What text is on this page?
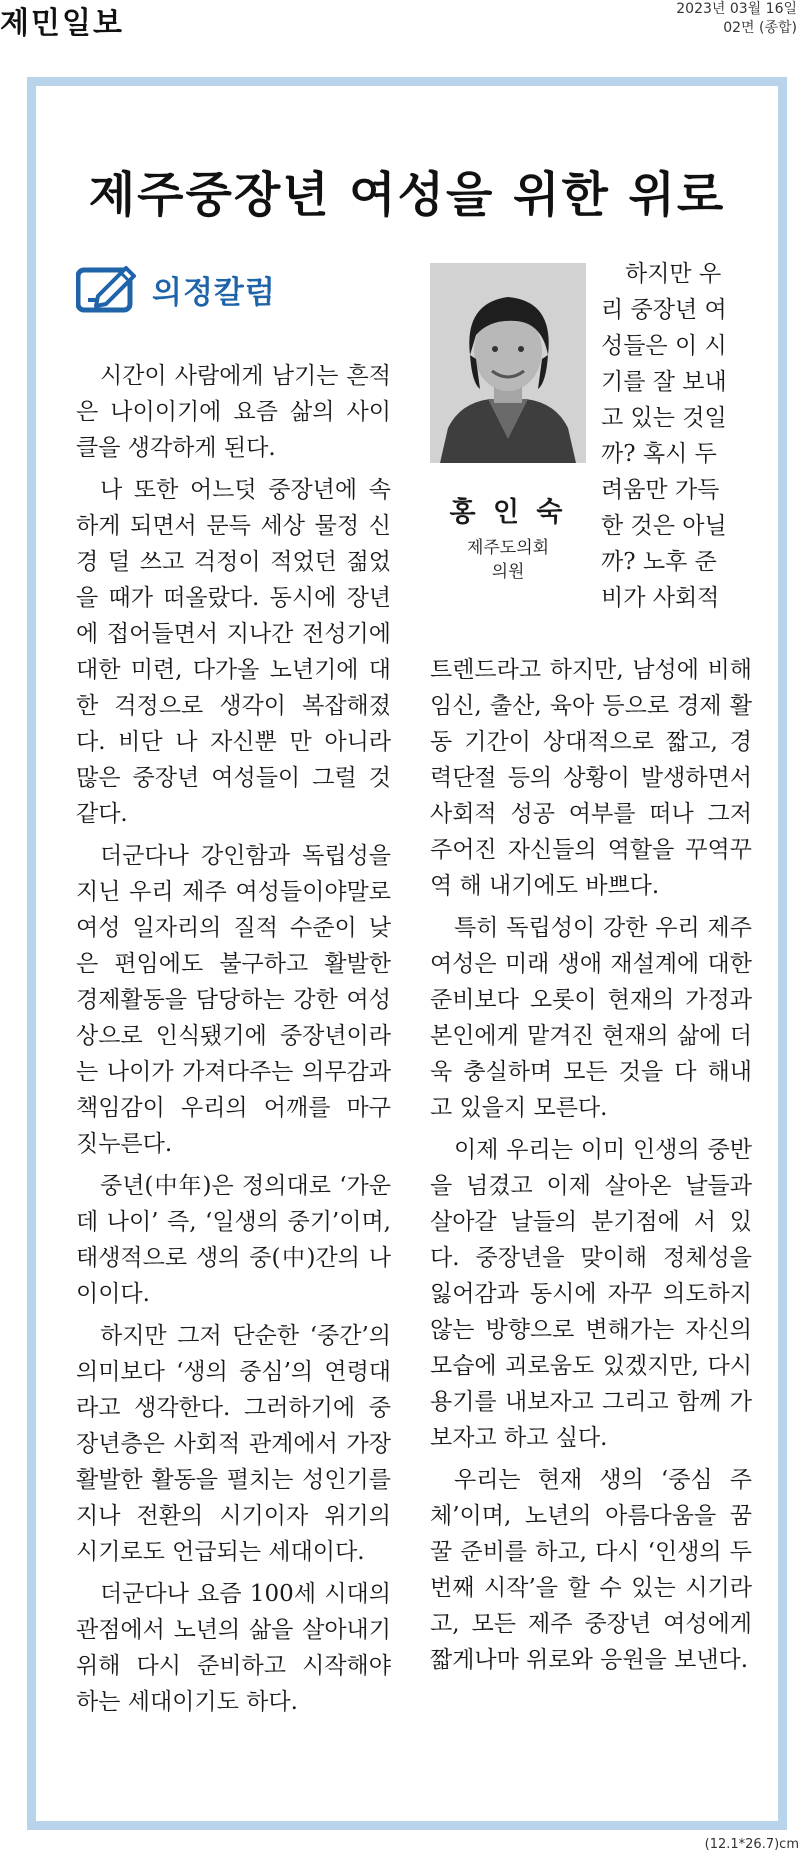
제민일보	2023년 03월 16일
02면 (종합)
제주중장년 여성을 위한 위로
의정칼럼
홍 인 숙
제주도의회
의원

시간이 사람에게 남기는 흔적은 나이이기에 요즘 삶의 사이클을 생각하게 된다.

나 또한 어느덧 중장년에 속하게 되면서 문득 세상 물정 신경 덜 쓰고 걱정이 적었던 젊었을 때가 떠올랐다. 동시에 장년에 접어들면서 지나간 전성기에 대한 미련, 다가올 노년기에 대한 걱정으로 생각이 복잡해졌다. 비단 나 자신뿐 만 아니라 많은 중장년 여성들이 그럴 것 같다.

더군다나 강인함과 독립성을 지닌 우리 제주 여성들이야말로 여성 일자리의 질적 수준이 낮은 편임에도 불구하고 활발한 경제활동을 담당하는 강한 여성상으로 인식됐기에 중장년이라는 나이가 가져다주는 의무감과 책임감이 우리의 어깨를 마구 짓누른다.

중년(中年)은 정의대로 ‘가운데 나이’ 즉, ‘일생의 중기’이며, 태생적으로 생의 중(中)간의 나이이다.

하지만 그저 단순한 ‘중간’의 의미보다 ‘생의 중심’의 연령대라고 생각한다. 그러하기에 중장년층은 사회적 관계에서 가장 활발한 활동을 펼치는 성인기를 지나 전환의 시기이자 위기의 시기로도 언급되는 세대이다.

더군다나 요즘 100세 시대의 관점에서 노년의 삶을 살아내기 위해 다시 준비하고 시작해야 하는 세대이기도 하다.

하지만 우

리 중장년 여

성들은 이 시

기를 잘 보내

고 있는 것일

까? 혹시 두

려움만 가득

한 것은 아닐

까? 노후 준

비가 사회적

트렌드라고 하지만, 남성에 비해 임신, 출산, 육아 등으로 경제 활동 기간이 상대적으로 짧고, 경력단절 등의 상황이 발생하면서 사회적 성공 여부를 떠나 그저 주어진 자신들의 역할을 꾸역꾸역 해 내기에도 바쁘다.

특히 독립성이 강한 우리 제주 여성은 미래 생애 재설계에 대한 준비보다 오롯이 현재의 가정과 본인에게 맡겨진 현재의 삶에 더욱 충실하며 모든 것을 다 해내고 있을지 모른다.

이제 우리는 이미 인생의 중반을 넘겼고 이제 살아온 날들과 살아갈 날들의 분기점에 서 있다. 중장년을 맞이해 정체성을 잃어감과 동시에 자꾸 의도하지 않는 방향으로 변해가는 자신의 모습에 괴로움도 있겠지만, 다시 용기를 내보자고 그리고 함께 가보자고 하고 싶다.

우리는 현재 생의 ‘중심 주체’이며, 노년의 아름다움을 꿈꿀 준비를 하고, 다시 ‘인생의 두 번째 시작’을 할 수 있는 시기라고, 모든 제주 중장년 여성에게 짧게나마 위로와 응원을 보낸다.

(12.1*26.7)cm
